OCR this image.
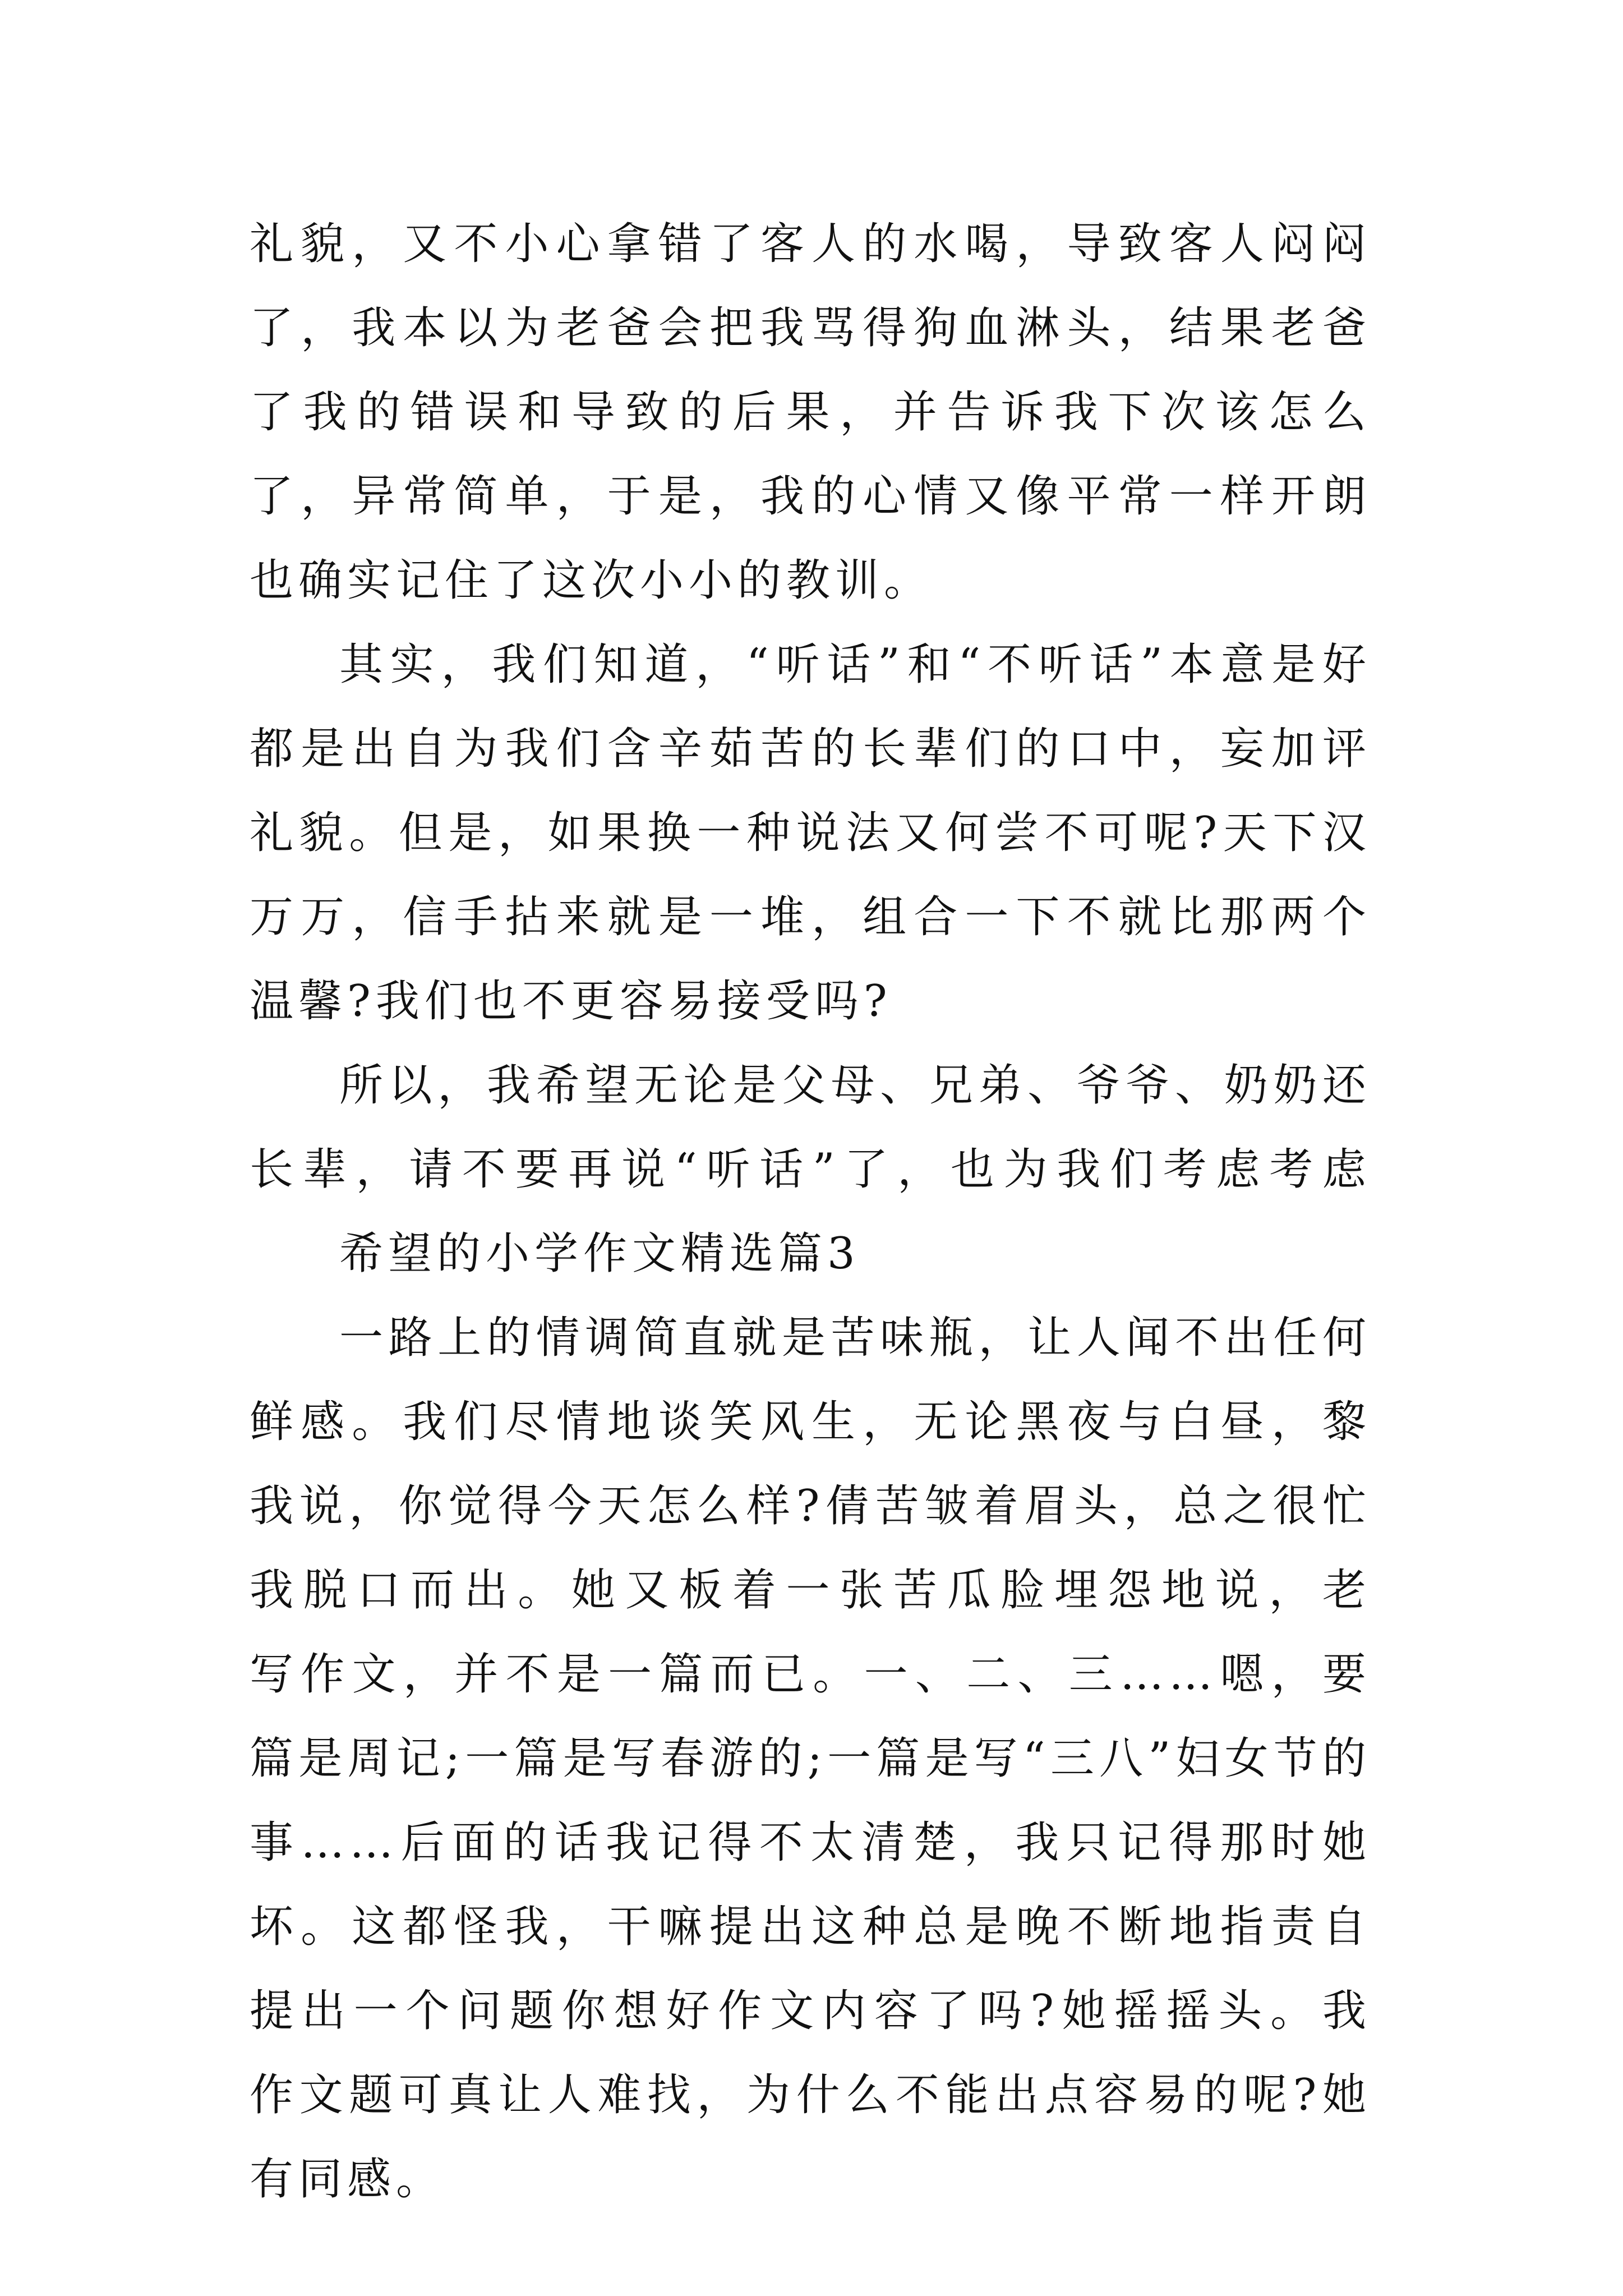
礼貌，又不小心拿错了客人的水喝，导致客人闷闷
了，我本以为老爸会把我骂得狗血淋头，结果老爸
了我的错误和导致的后果，并告诉我下次该怎么
了，异常简单，于是，我的心情又像平常一样开朗
也确实记住了这次小小的教训。
其实，我们知道，“听话”和“不听话”本意是好
都是出自为我们含辛茹苦的长辈们的口中，妄加评
礼貌。但是，如果换一种说法又何尝不可呢?天下汉
万万，信手拈来就是一堆，组合一下不就比那两个
温馨?我们也不更容易接受吗?
所以，我希望无论是父母、兄弟、爷爷、奶奶还
长辈，请不要再说“听话”了，也为我们考虑考虑
希望的小学作文精选篇3
一路上的情调简直就是苦味瓶，让人闻不出任何
鲜感。我们尽情地谈笑风生，无论黑夜与白昼，黎
我说，你觉得今天怎么样?倩苦皱着眉头，总之很忙
我脱口而出。她又板着一张苦瓜脸埋怨地说，老
写作文，并不是一篇而已。一、二、三……嗯，要
篇是周记;一篇是写春游的;一篇是写“三八”妇女节的
事……后面的话我记得不太清楚，我只记得那时她
坏。这都怪我，干嘛提出这种总是晚不断地指责自
提出一个问题你想好作文内容了吗?她摇摇头。我
作文题可真让人难找，为什么不能出点容易的呢?她
有同感。
